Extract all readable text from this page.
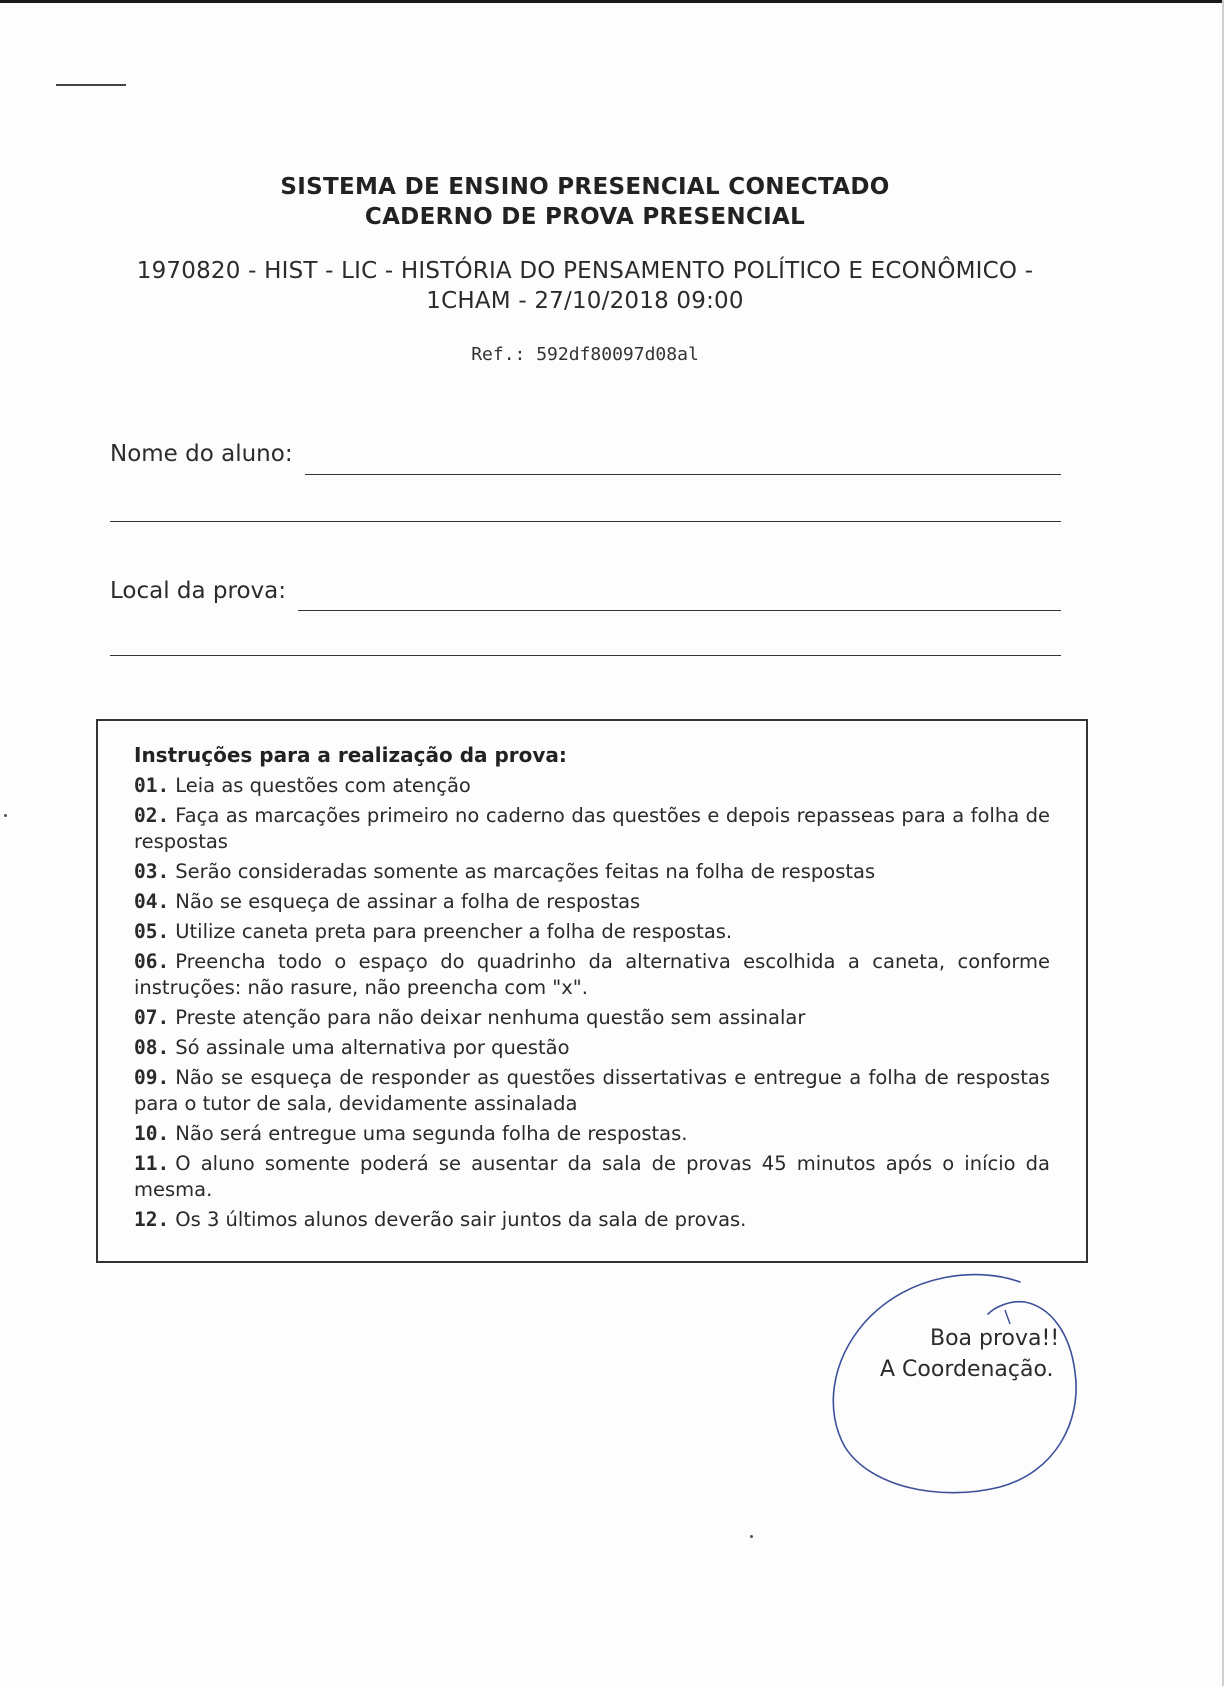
SISTEMA DE ENSINO PRESENCIAL CONECTADO
CADERNO DE PROVA PRESENCIAL
1970820 - HIST - LIC - HISTÓRIA DO PENSAMENTO POLÍTICO E ECONÔMICO -
1CHAM - 27/10/2018 09:00
Ref.: 592df80097d08al
Nome do aluno:
Local da prova:
Instruções para a realização da prova:
01. Leia as questões com atenção
02. Faça as marcações primeiro no caderno das questões e depois repasseas para a folha de respostas
03. Serão consideradas somente as marcações feitas na folha de respostas
04. Não se esqueça de assinar a folha de respostas
05. Utilize caneta preta para preencher a folha de respostas.
06. Preencha todo o espaço do quadrinho da alternativa escolhida a caneta, conforme instruções: não rasure, não preencha com "x".
07. Preste atenção para não deixar nenhuma questão sem assinalar
08. Só assinale uma alternativa por questão
09. Não se esqueça de responder as questões dissertativas e entregue a folha de respostas para o tutor de sala, devidamente assinalada
10. Não será entregue uma segunda folha de respostas.
11. O aluno somente poderá se ausentar da sala de provas 45 minutos após o início da mesma.
12. Os 3 últimos alunos deverão sair juntos da sala de provas.
Boa prova!!
A Coordenação.
